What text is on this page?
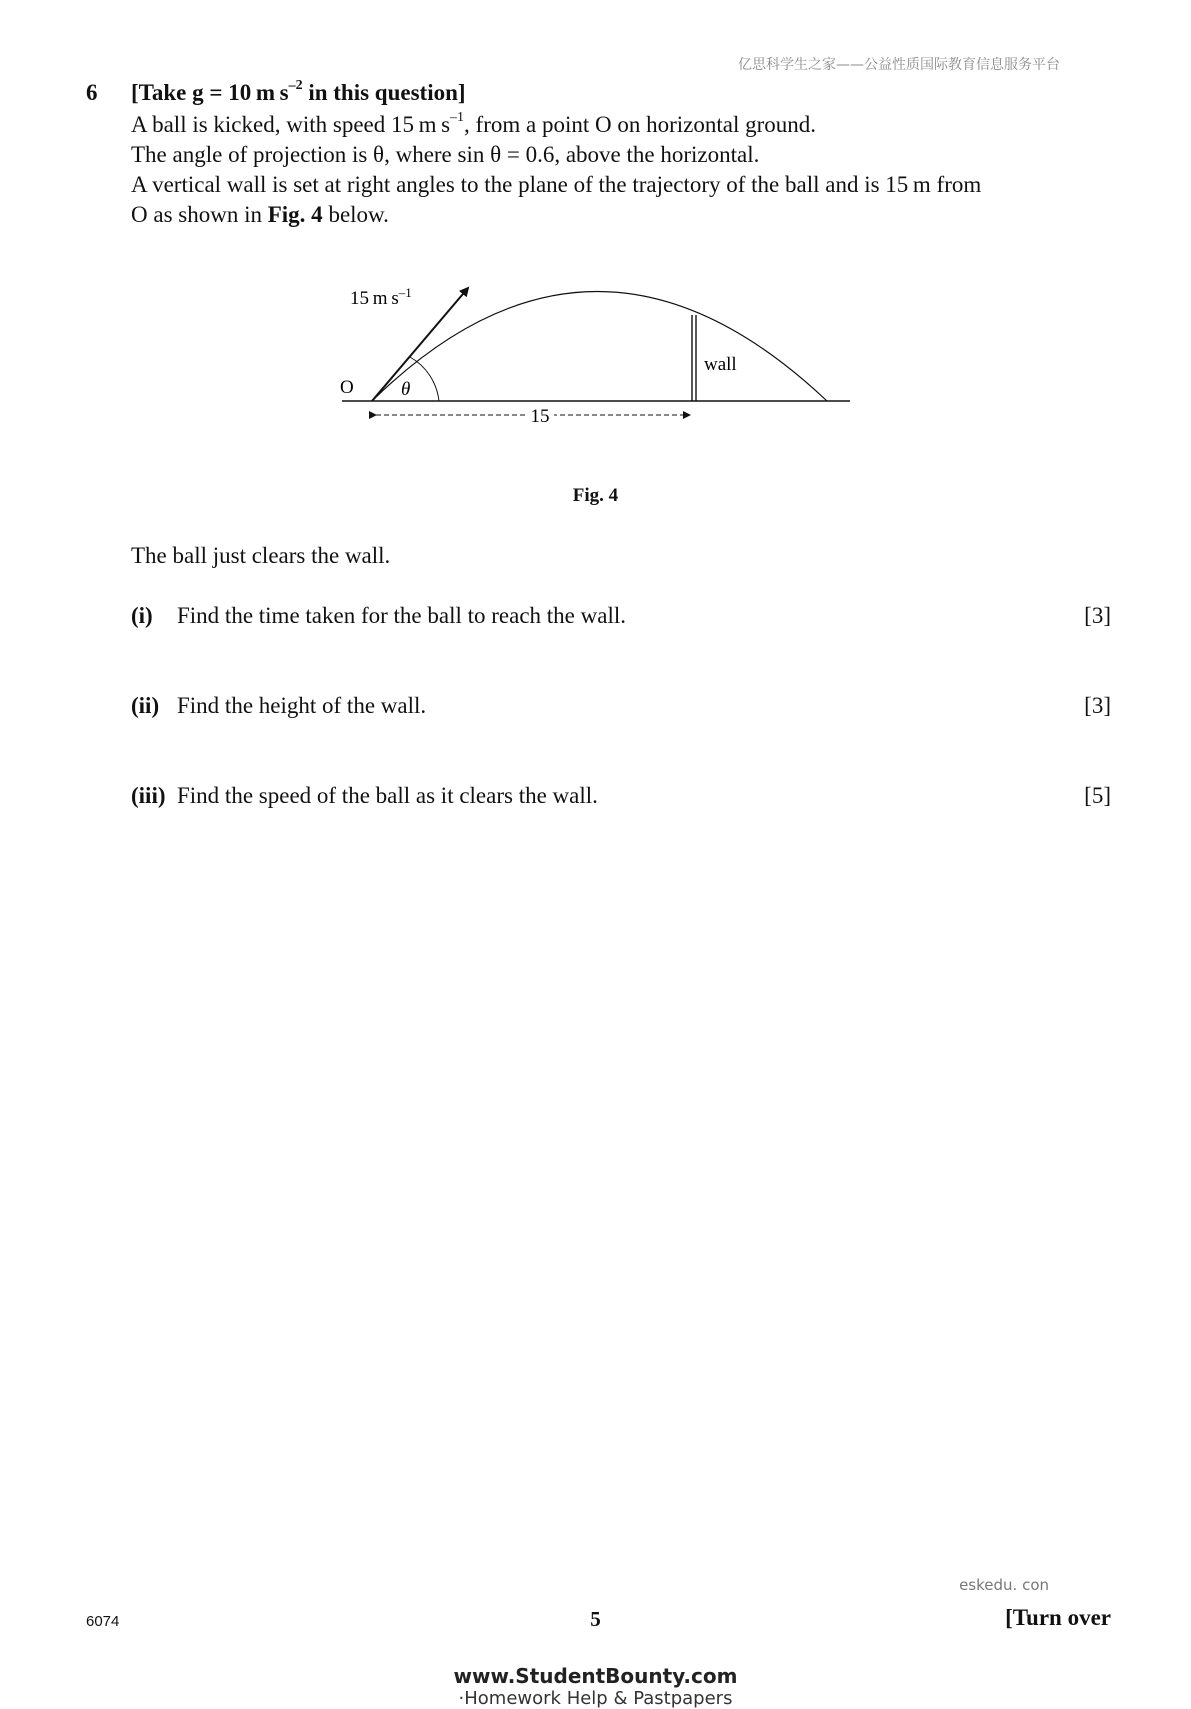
亿思科学生之家——公益性质国际教育信息服务平台
6 [Take g = 10 m $s^{-2}$ in this question]
A ball is kicked, with speed 15 m $s^{-1}$, from a point O on horizontal ground.
The angle of projection is θ, where sin θ = 0.6, above the horizontal.
A vertical wall is set at right angles to the plane of the trajectory of the ball and is 15 m from
O as shown in Fig. 4 below.
15
O θ
wall
15 m $s^{-1}$
Fig. 4
The ball just clears the wall.
(i) Find the time taken for the ball to reach the wall.	[3]
(ii) Find the height of the wall.	[3]
(iii) Find the speed of the ball as it clears the wall.	[5]
eskedu. con
6074	5	[Turn over
www.StudentBounty.com
·Homework Help & Pastpapers
